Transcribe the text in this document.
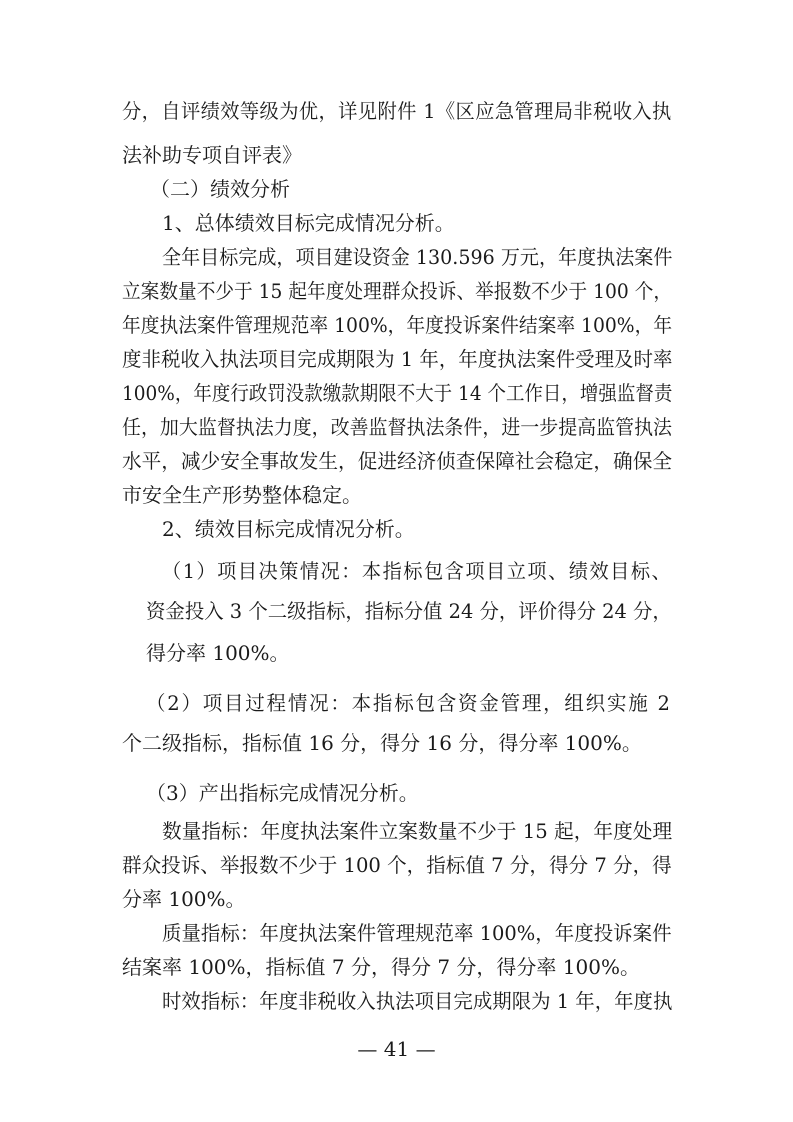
分，自评绩效等级为优，详见附件 1《区应急管理局非税收入执

法补助专项自评表》

（二）绩效分析

1、总体绩效目标完成情况分析。

全年目标完成，项目建设资金 130.596 万元，年度执法案件

立案数量不少于 15 起年度处理群众投诉、举报数不少于 100 个，

年度执法案件管理规范率 100%，年度投诉案件结案率 100%，年

度非税收入执法项目完成期限为 1 年，年度执法案件受理及时率

100%，年度行政罚没款缴款期限不大于 14 个工作日，增强监督责

任，加大监督执法力度，改善监督执法条件，进一步提高监管执法

水平，减少安全事故发生，促进经济侦查保障社会稳定，确保全

市安全生产形势整体稳定。

2、绩效目标完成情况分析。

（1）项目决策情况：本指标包含项目立项、绩效目标、

资金投入 3 个二级指标，指标分值 24 分，评价得分 24 分，

得分率 100%。

（2）项目过程情况：本指标包含资金管理，组织实施 2

个二级指标，指标值 16 分，得分 16 分，得分率 100%。

（3）产出指标完成情况分析。

数量指标：年度执法案件立案数量不少于 15 起，年度处理

群众投诉、举报数不少于 100 个，指标值 7 分，得分 7 分，得

分率 100%。

质量指标：年度执法案件管理规范率 100%，年度投诉案件

结案率 100%，指标值 7 分，得分 7 分，得分率 100%。

时效指标：年度非税收入执法项目完成期限为 1 年，年度执

— 41 —
